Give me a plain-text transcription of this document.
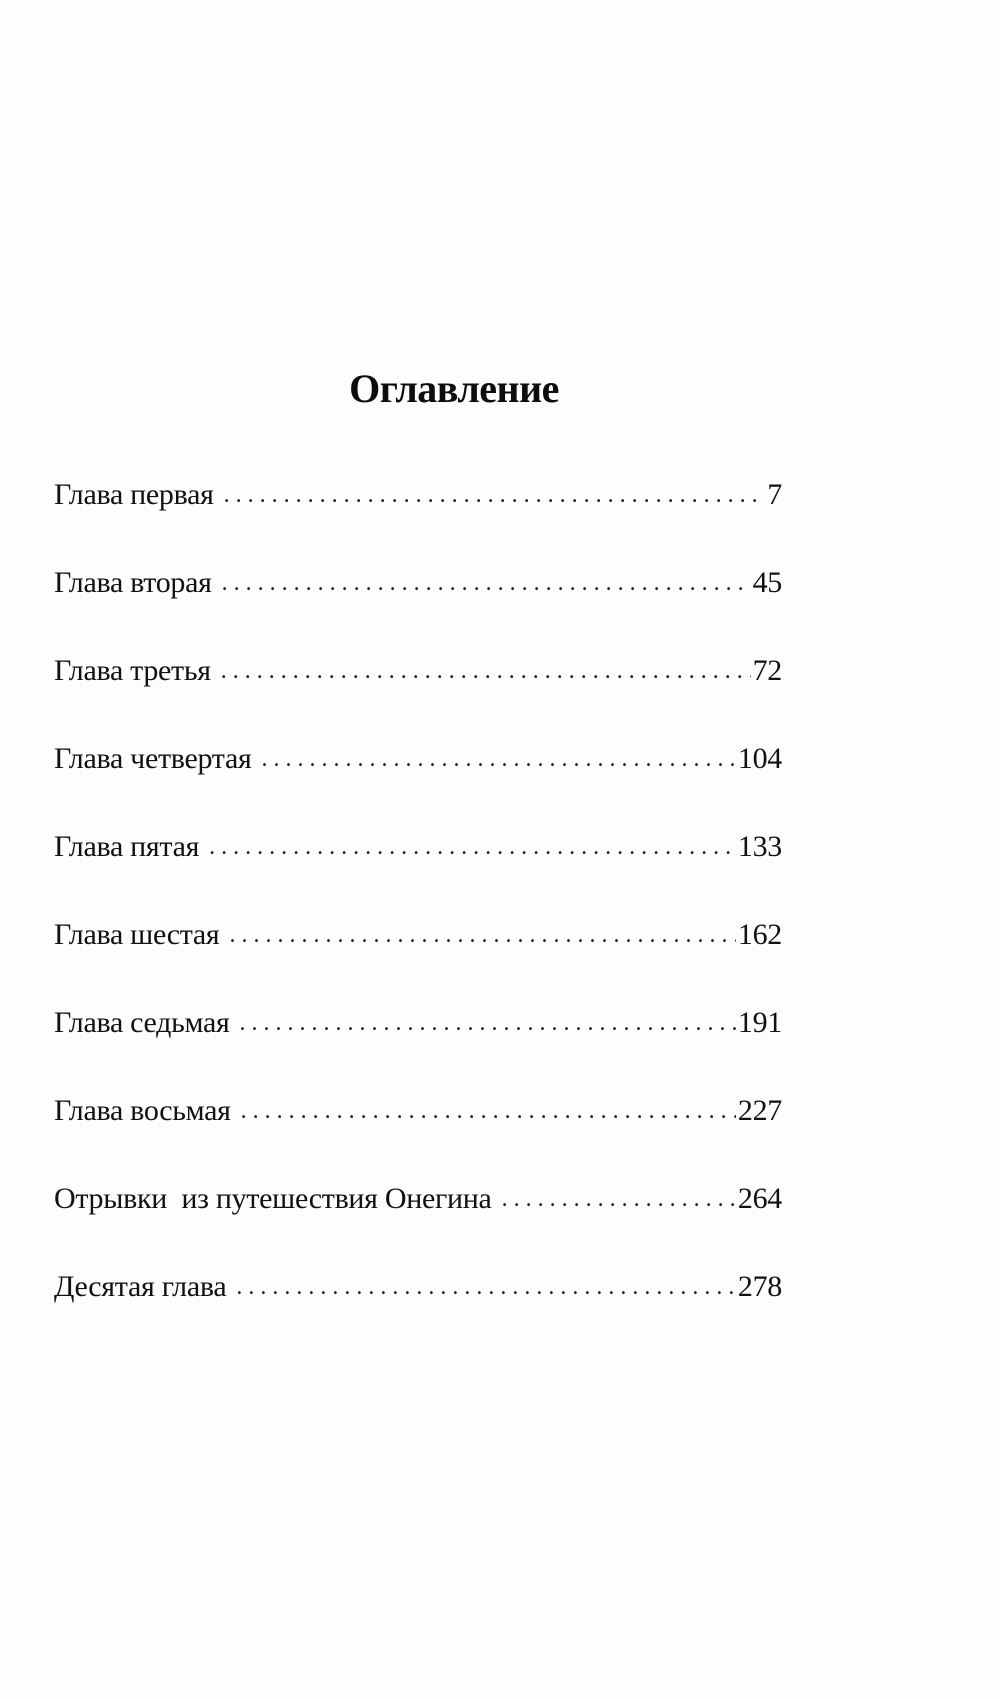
Оглавление
Глава первая . . .	7
Глава вторая . . .	45
Глава третья . . .	72
Глава четвертая . . .	104
Глава пятая . . .	133
Глава шестая . . .	162
Глава седьмая . . .	191
Глава восьмая . . .	227
Отрывки  из путешествия Онегина . . .	264
Десятая глава . . .	278
